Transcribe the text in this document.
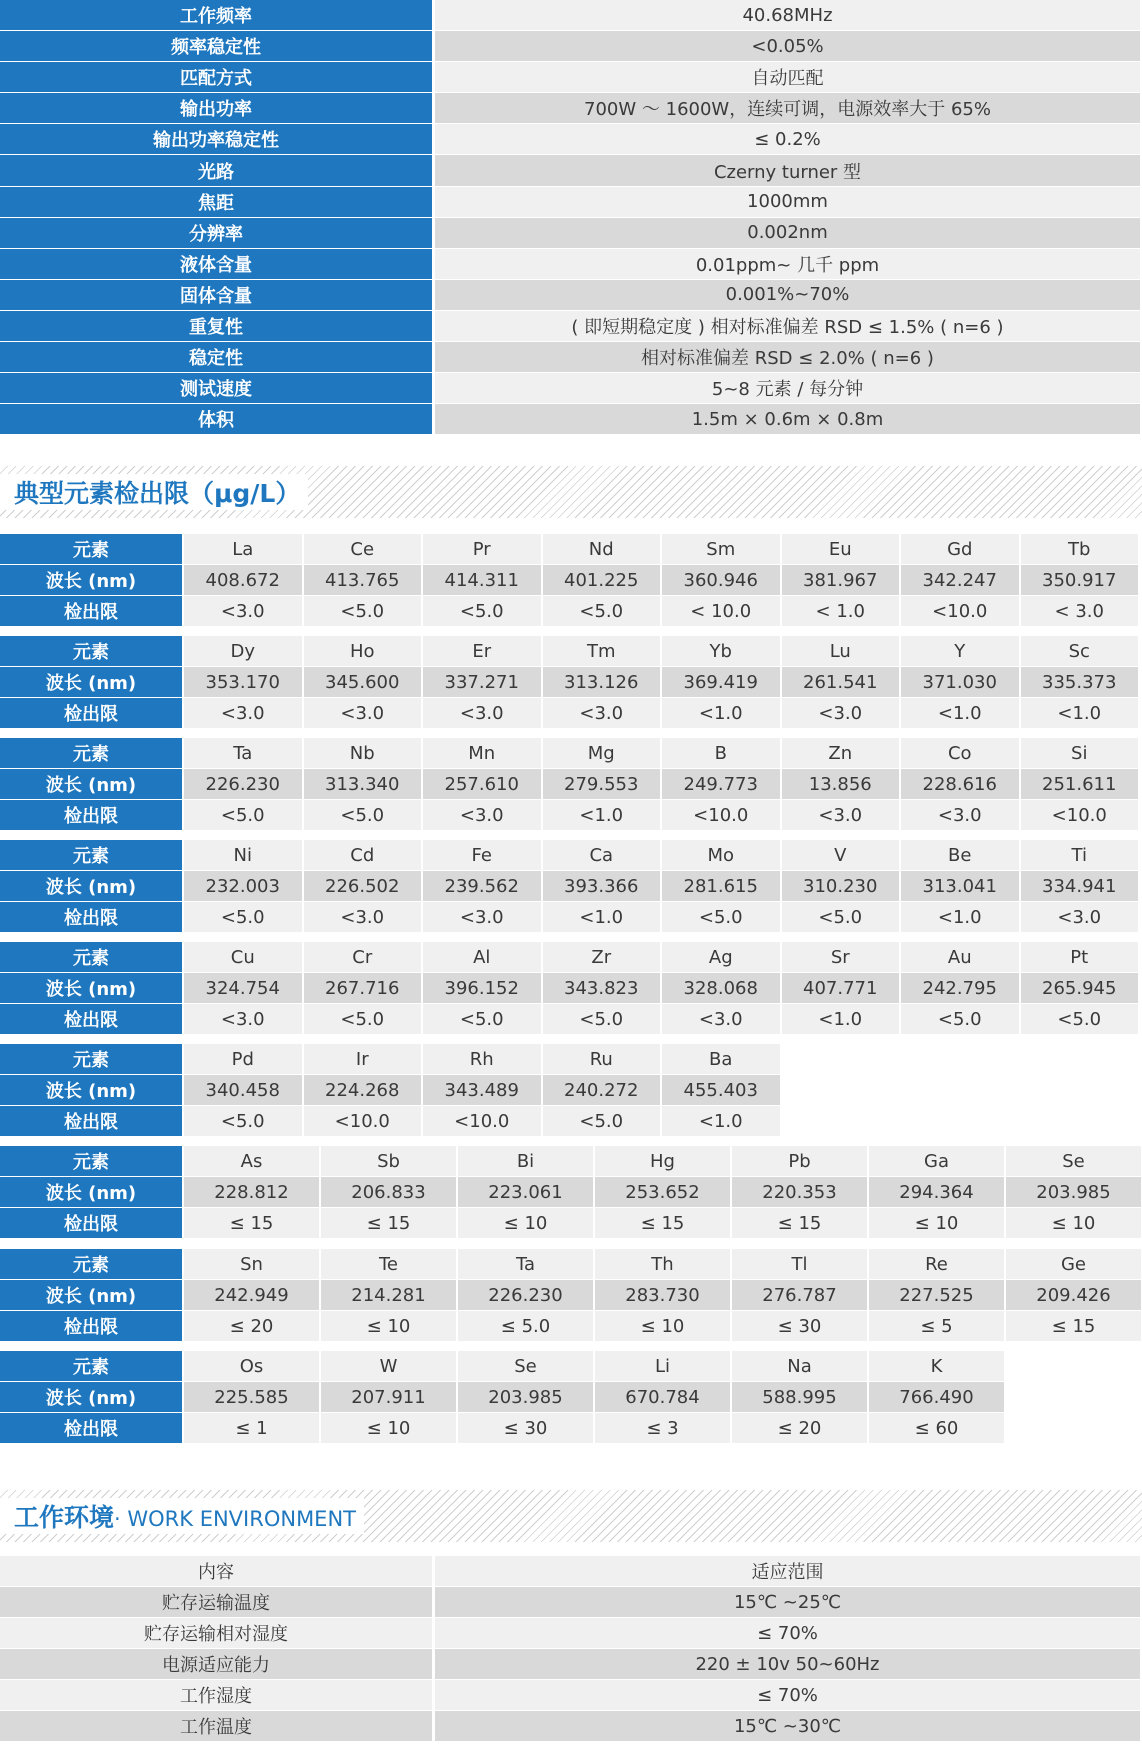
工作频率	40.68MHz
频率稳定性	<0.05%
匹配方式	自动匹配
输出功率	700W ～ 1600W，连续可调，电源效率大于 65%
输出功率稳定性	≤ 0.2%
光路	Czerny turner 型
焦距	1000mm
分辨率	0.002nm
液体含量	0.01ppm~ 几千 ppm
固体含量	0.001%~70%
重复性	( 即短期稳定度 ) 相对标准偏差 RSD ≤ 1.5% ( n=6 )
稳定性	相对标准偏差 RSD ≤ 2.0% ( n=6 )
测试速度	5~8 元素 / 每分钟
体积	1.5m × 0.6m × 0.8m
典型元素检出限（μg/L）
元素	La	Ce	Pr	Nd	Sm	Eu	Gd	Tb
波长 (nm)	408.672	413.765	414.311	401.225	360.946	381.967	342.247	350.917
检出限	<3.0	<5.0	<5.0	<5.0	< 10.0	< 1.0	<10.0	< 3.0
元素	Dy	Ho	Er	Tm	Yb	Lu	Y	Sc
波长 (nm)	353.170	345.600	337.271	313.126	369.419	261.541	371.030	335.373
检出限	<3.0	<3.0	<3.0	<3.0	<1.0	<3.0	<1.0	<1.0
元素	Ta	Nb	Mn	Mg	B	Zn	Co	Si
波长 (nm)	226.230	313.340	257.610	279.553	249.773	13.856	228.616	251.611
检出限	<5.0	<5.0	<3.0	<1.0	<10.0	<3.0	<3.0	<10.0
元素	Ni	Cd	Fe	Ca	Mo	V	Be	Ti
波长 (nm)	232.003	226.502	239.562	393.366	281.615	310.230	313.041	334.941
检出限	<5.0	<3.0	<3.0	<1.0	<5.0	<5.0	<1.0	<3.0
元素	Cu	Cr	Al	Zr	Ag	Sr	Au	Pt
波长 (nm)	324.754	267.716	396.152	343.823	328.068	407.771	242.795	265.945
检出限	<3.0	<5.0	<5.0	<5.0	<3.0	<1.0	<5.0	<5.0
元素	Pd	Ir	Rh	Ru	Ba
波长 (nm)	340.458	224.268	343.489	240.272	455.403
检出限	<5.0	<10.0	<10.0	<5.0	<1.0
元素	As	Sb	Bi	Hg	Pb	Ga	Se
波长 (nm)	228.812	206.833	223.061	253.652	220.353	294.364	203.985
检出限	≤ 15	≤ 15	≤ 10	≤ 15	≤ 15	≤ 10	≤ 10
元素	Sn	Te	Ta	Th	Tl	Re	Ge
波长 (nm)	242.949	214.281	226.230	283.730	276.787	227.525	209.426
检出限	≤ 20	≤ 10	≤ 5.0	≤ 10	≤ 30	≤ 5	≤ 15
元素	Os	W	Se	Li	Na	K
波长 (nm)	225.585	207.911	203.985	670.784	588.995	766.490
检出限	≤ 1	≤ 10	≤ 30	≤ 3	≤ 20	≤ 60
工作环境 · WORK ENVIRONMENT
内容	适应范围
贮存运输温度	15℃ ~25℃
贮存运输相对湿度	≤ 70%
电源适应能力	220 ± 10v 50~60Hz
工作湿度	≤ 70%
工作温度	15℃ ~30℃
